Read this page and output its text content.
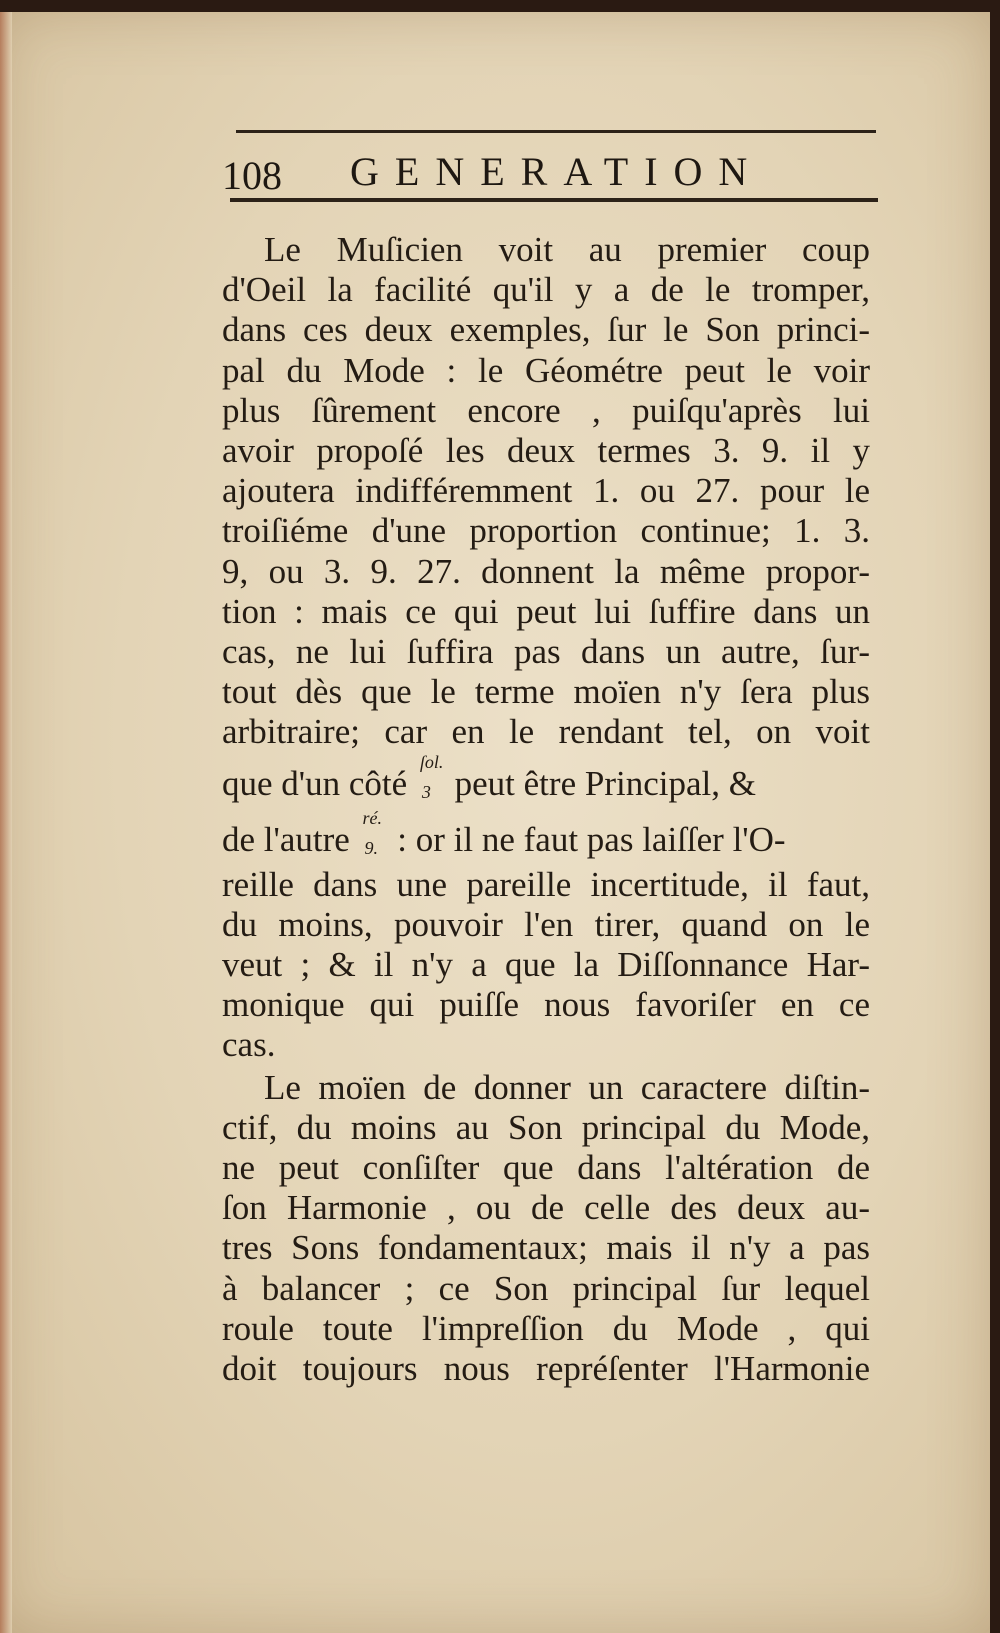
108 GENERATION
Le Muſicien voit au premier coup
d'Oeil la facilité qu'il y a de le tromper,
dans ces deux exemples, ſur le Son princi-
pal du Mode : le Géométre peut le voir
plus ſûrement encore , puiſqu'après lui
avoir propoſé les deux termes 3. 9. il y
ajoutera indifféremment 1. ou 27. pour le
troiſiéme d'une proportion continue; 1. 3.
9, ou 3. 9. 27. donnent la même propor-
tion : mais ce qui peut lui ſuffire dans un
cas, ne lui ſuffira pas dans un autre, ſur-
tout dès que le terme moïen n'y ſera plus
arbitraire; car en le rendant tel, on voit
que d'un côté
ſol.
3 peut être Principal, &
de l'autre
ré.
9. : or il ne faut pas laiſſer l'O-
reille dans une pareille incertitude, il faut,
du moins, pouvoir l'en tirer, quand on le
veut ; & il n'y a que la Diſſonnance Har-
monique qui puiſſe nous favoriſer en ce
cas.
Le moïen de donner un caractere diſtin-
ctif, du moins au Son principal du Mode,
ne peut conſiſter que dans l'altération de
ſon Harmonie , ou de celle des deux au-
tres Sons fondamentaux; mais il n'y a pas
à balancer ; ce Son principal ſur lequel
roule toute l'impreſſion du Mode , qui
doit toujours nous repréſenter l'Harmonie
